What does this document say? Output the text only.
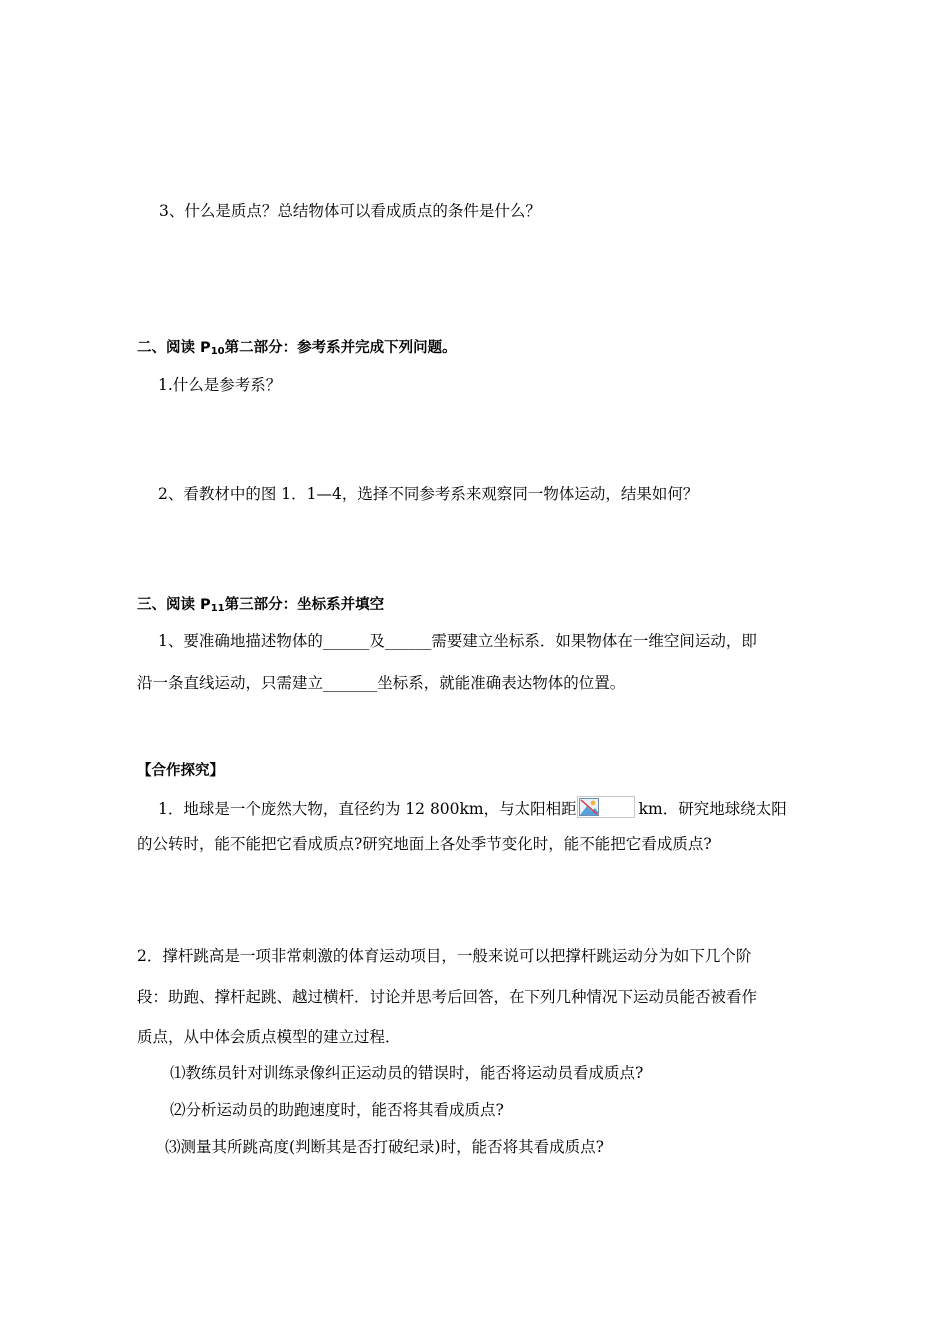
3、什么是质点？总结物体可以看成质点的条件是什么？
二、阅读 $P_{10}$第二部分：参考系并完成下列问题。
1.什么是参考系？
2、看教材中的图 1．1—4，选择不同参考系来观察同一物体运动，结果如何？
三、阅读 $P_{11}$第三部分：坐标系并填空
1、要准确地描述物体的______及______需要建立坐标系．如果物体在一维空间运动，即
沿一条直线运动，只需建立_______坐标系，就能准确表达物体的位置。
【合作探究】
1．地球是一个庞然大物，直径约为 12 800km，与太阳相距	km．研究地球绕太阳
的公转时，能不能把它看成质点?研究地面上各处季节变化时，能不能把它看成质点?
2．撑杆跳高是一项非常刺激的体育运动项目，一般来说可以把撑杆跳运动分为如下几个阶
段：助跑、撑杆起跳、越过横杆．讨论并思考后回答，在下列几种情况下运动员能否被看作
质点，从中体会质点模型的建立过程．
⑴教练员针对训练录像纠正运动员的错误时，能否将运动员看成质点?
⑵分析运动员的助跑速度时，能否将其看成质点?
⑶测量其所跳高度(判断其是否打破纪录)时，能否将其看成质点?
